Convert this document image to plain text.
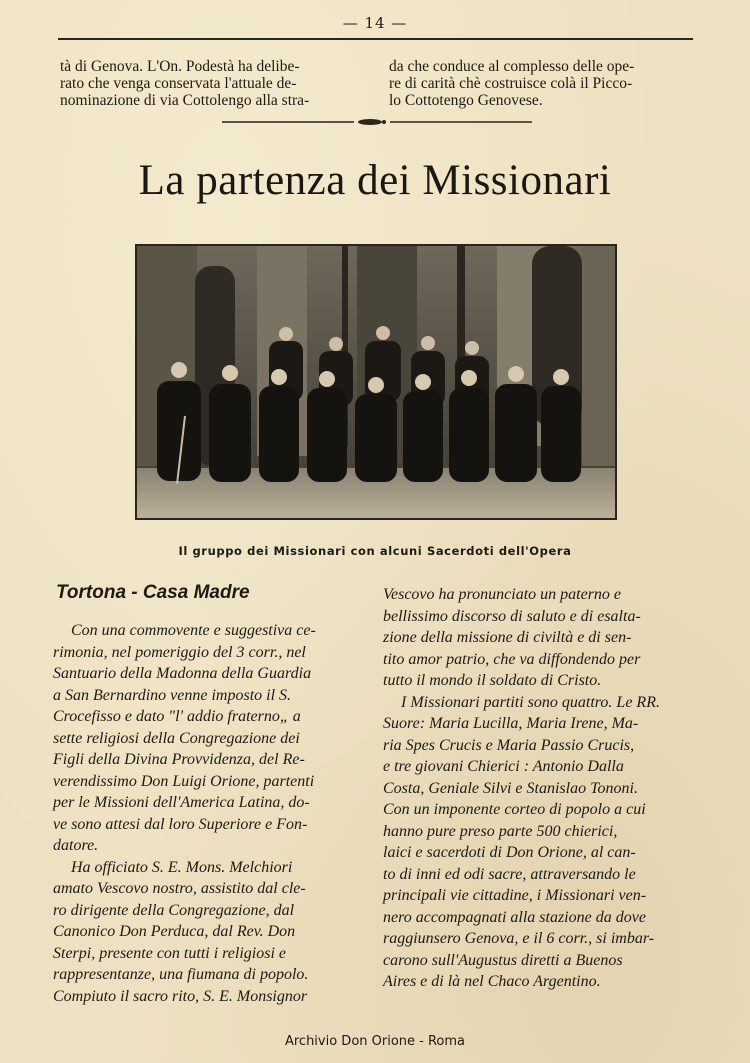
— 14 —
tà di Genova. L'On. Podestà ha delibe-
rato che venga conservata l'attuale de-
nominazione di via Cottolengo alla stra-
da che conduce al complesso delle ope-
re di carità chè costruisce colà il Picco-
lo Cottotengo Genovese.
La partenza dei Missionari
Il gruppo dei Missionari con alcuni Sacerdoti dell'Opera
Tortona - Casa Madre
Con una commovente e suggestiva ce-
rimonia, nel pomeriggio del 3 corr., nel
Santuario della Madonna della Guardia
a San Bernardino venne imposto il S.
Crocefisso e dato "l' addio fraterno„ a
sette religiosi della Congregazione dei
Figli della Divina Provvidenza, del Re-
verendissimo Don Luigi Orione, partenti
per le Missioni dell'America Latina, do-
ve sono attesi dal loro Superiore e Fon-
datore.
Ha officiato S. E. Mons. Melchiori
amato Vescovo nostro, assistito dal cle-
ro dirigente della Congregazione, dal
Canonico Don Perduca, dal Rev. Don
Sterpi, presente con tutti i religiosi e
rappresentanze, una fiumana di popolo.
Compiuto il sacro rito, S. E. Monsignor
Vescovo ha pronunciato un paterno e
bellissimo discorso di saluto e di esalta-
zione della missione di civiltà e di sen-
tito amor patrio, che va diffondendo per
tutto il mondo il soldato di Cristo.
I Missionari partiti sono quattro. Le RR.
Suore: Maria Lucilla, Maria Irene, Ma-
ria Spes Crucis e Maria Passio Crucis,
e tre giovani Chierici : Antonio Dalla
Costa, Geniale Silvi e Stanislao Tononi.
Con un imponente corteo di popolo a cui
hanno pure preso parte 500 chierici,
laici e sacerdoti di Don Orione, al can-
to di inni ed odi sacre, attraversando le
principali vie cittadine, i Missionari ven-
nero accompagnati alla stazione da dove
raggiunsero Genova, e il 6 corr., si imbar-
carono sull'Augustus diretti a Buenos
Aires e di là nel Chaco Argentino.
Archivio Don Orione - Roma
